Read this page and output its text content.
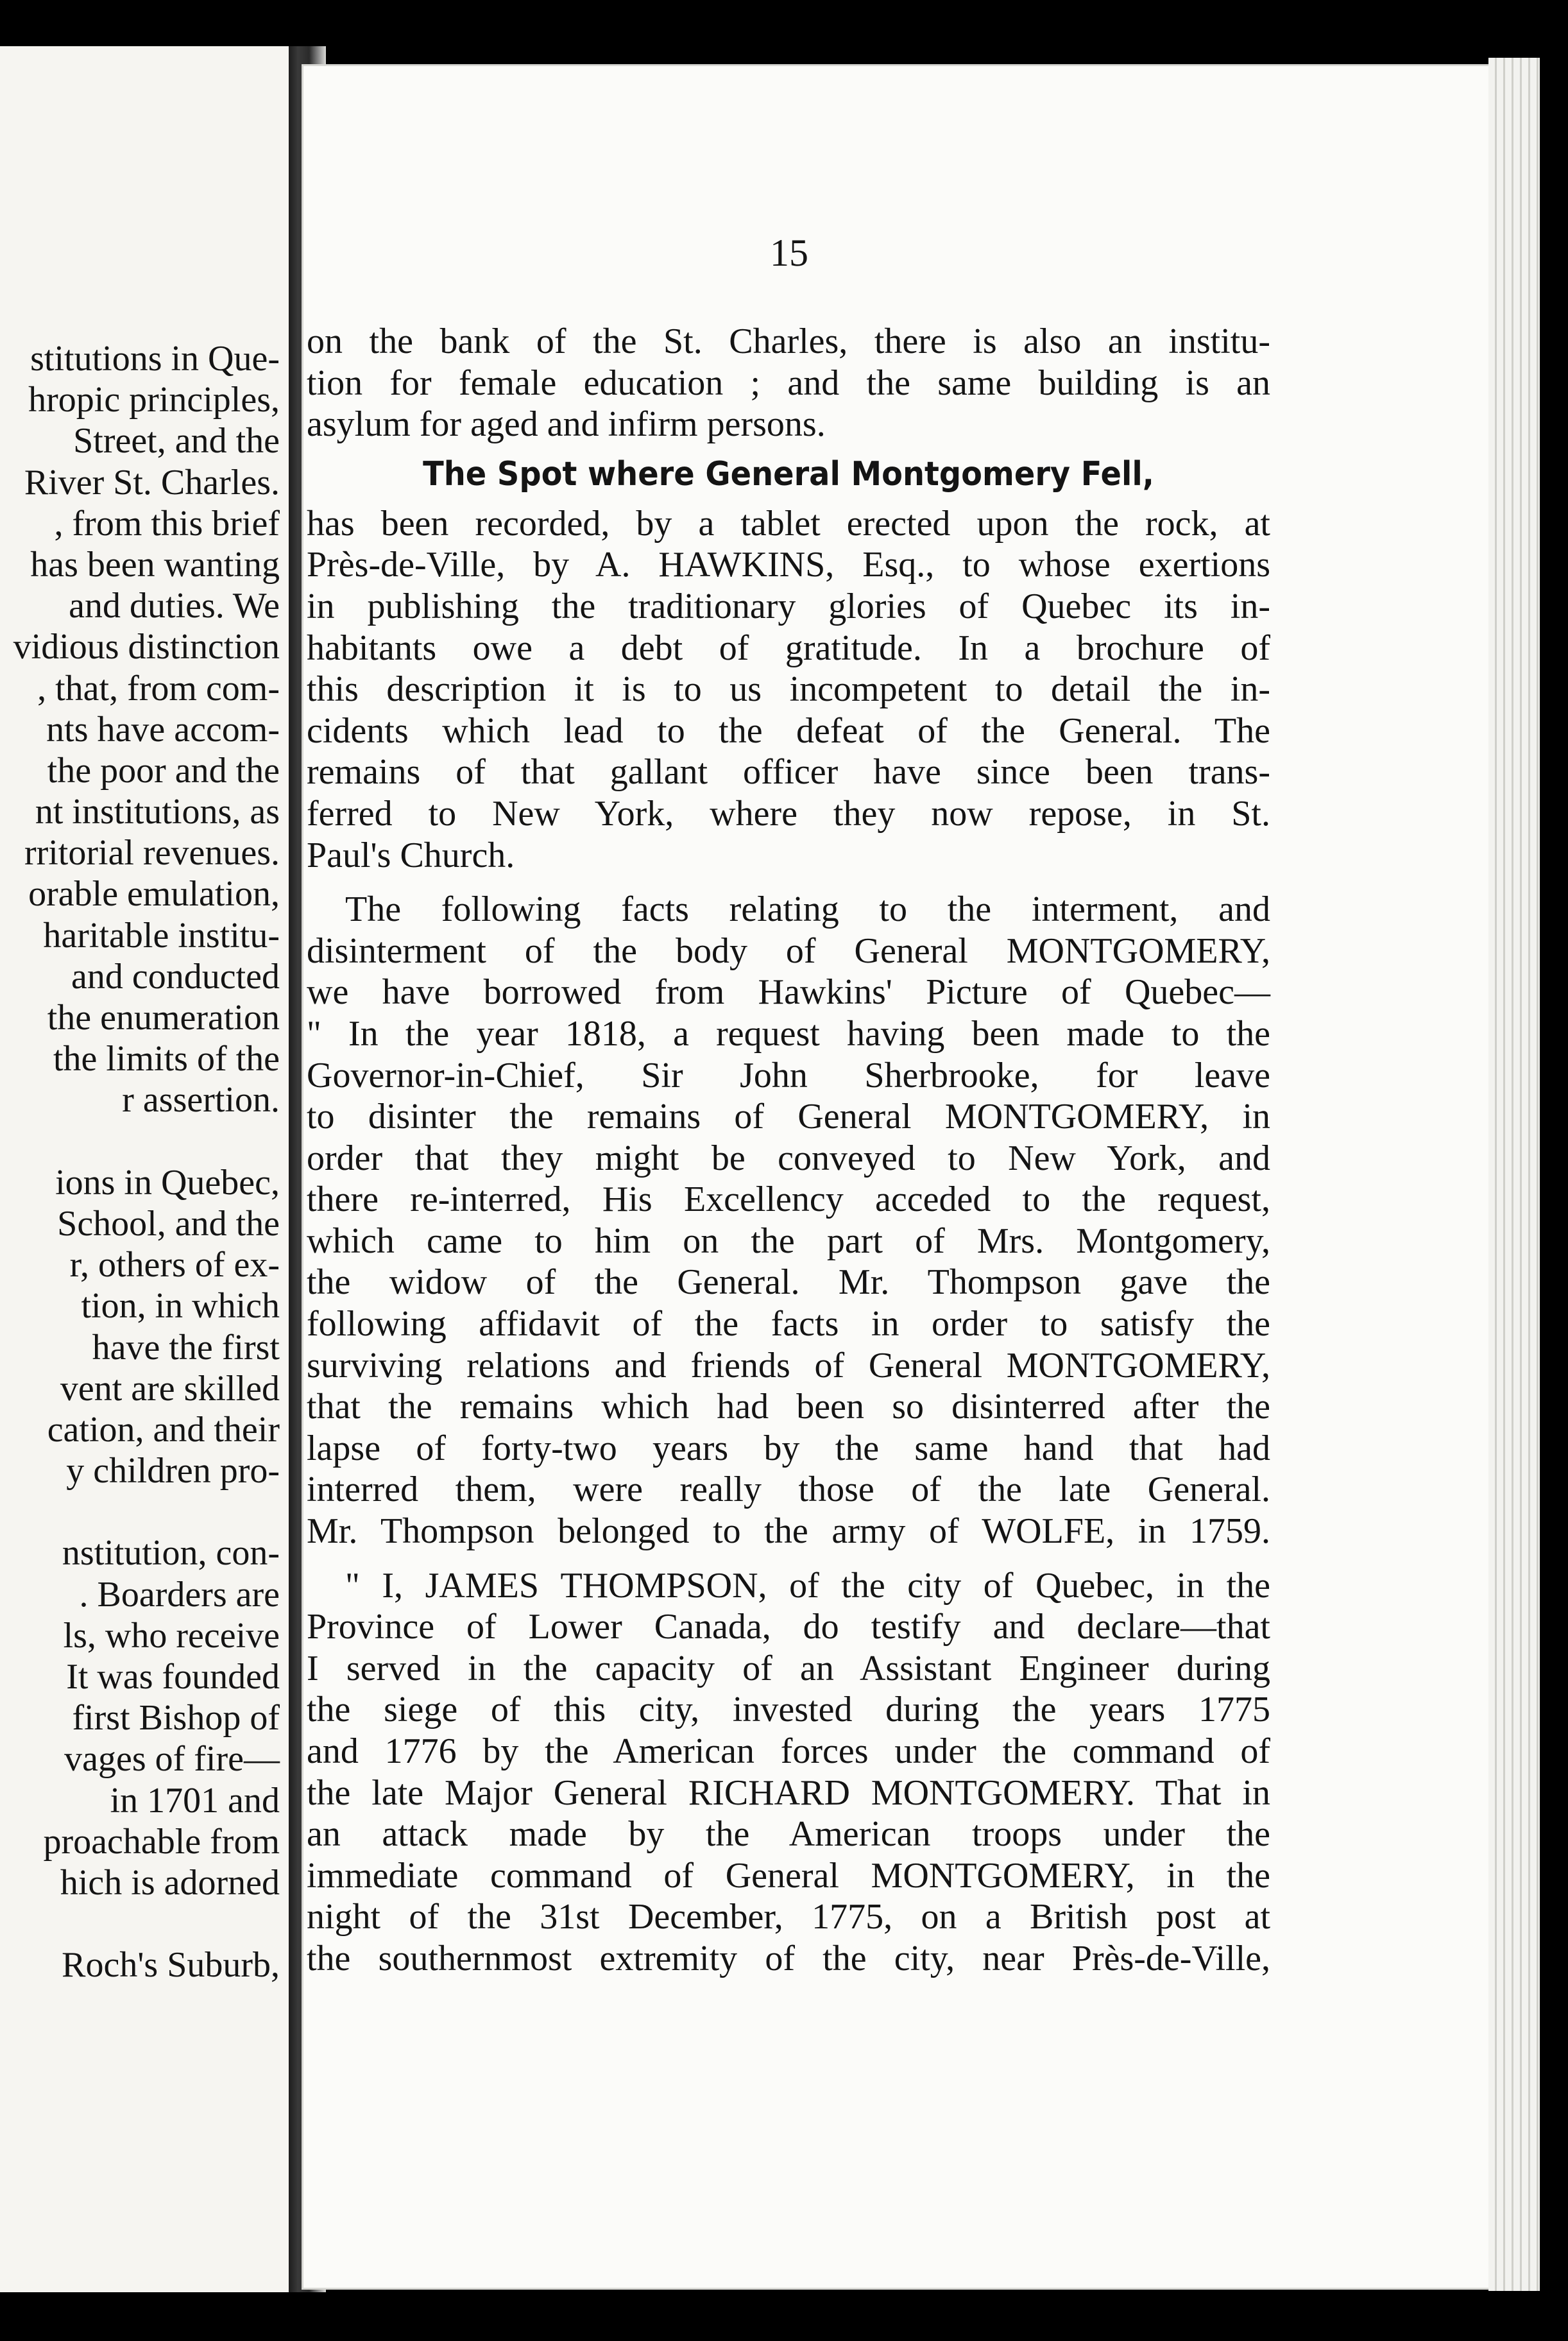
stitutions in Que-
hropic principles,
Street, and the
River St. Charles.
, from this brief
has been wanting
and duties. We
vidious distinction
, that, from com-
nts have accom-
the poor and the
nt institutions, as
rritorial revenues.
orable emulation,
haritable institu-
and conducted
the enumeration
the limits of the
r assertion.
ions in Quebec,
School, and the
r, others of ex-
tion, in which
have the first
vent are skilled
cation, and their
y children pro-
nstitution, con-
. Boarders are
ls, who receive
It was founded
first Bishop of
vages of fire—
in 1701 and
proachable from
hich is adorned
Roch's Suburb,
15
on the bank of the St. Charles, there is also an institu-
tion for female education ; and the same building is an
asylum for aged and infirm persons.
The Spot where General Montgomery Fell,
has been recorded, by a tablet erected upon the rock, at
Près-de-Ville, by A. HAWKINS, Esq., to whose exertions
in publishing the traditionary glories of Quebec its in-
habitants owe a debt of gratitude. In a brochure of
this description it is to us incompetent to detail the in-
cidents which lead to the defeat of the General. The
remains of that gallant officer have since been trans-
ferred to New York, where they now repose, in St.
Paul's Church.
The following facts relating to the interment, and
disinterment of the body of General MONTGOMERY,
we have borrowed from Hawkins' Picture of Quebec—
" In the year 1818, a request having been made to the
Governor-in-Chief, Sir John Sherbrooke, for leave
to disinter the remains of General MONTGOMERY, in
order that they might be conveyed to New York, and
there re-interred, His Excellency acceded to the request,
which came to him on the part of Mrs. Montgomery,
the widow of the General. Mr. Thompson gave the
following affidavit of the facts in order to satisfy the
surviving relations and friends of General MONTGOMERY,
that the remains which had been so disinterred after the
lapse of forty-two years by the same hand that had
interred them, were really those of the late General.
Mr. Thompson belonged to the army of WOLFE, in 1759.
" I, JAMES THOMPSON, of the city of Quebec, in the
Province of Lower Canada, do testify and declare—that
I served in the capacity of an Assistant Engineer during
the siege of this city, invested during the years 1775
and 1776 by the American forces under the command of
the late Major General RICHARD MONTGOMERY. That in
an attack made by the American troops under the
immediate command of General MONTGOMERY, in the
night of the 31st December, 1775, on a British post at
the southernmost extremity of the city, near Près-de-Ville,
